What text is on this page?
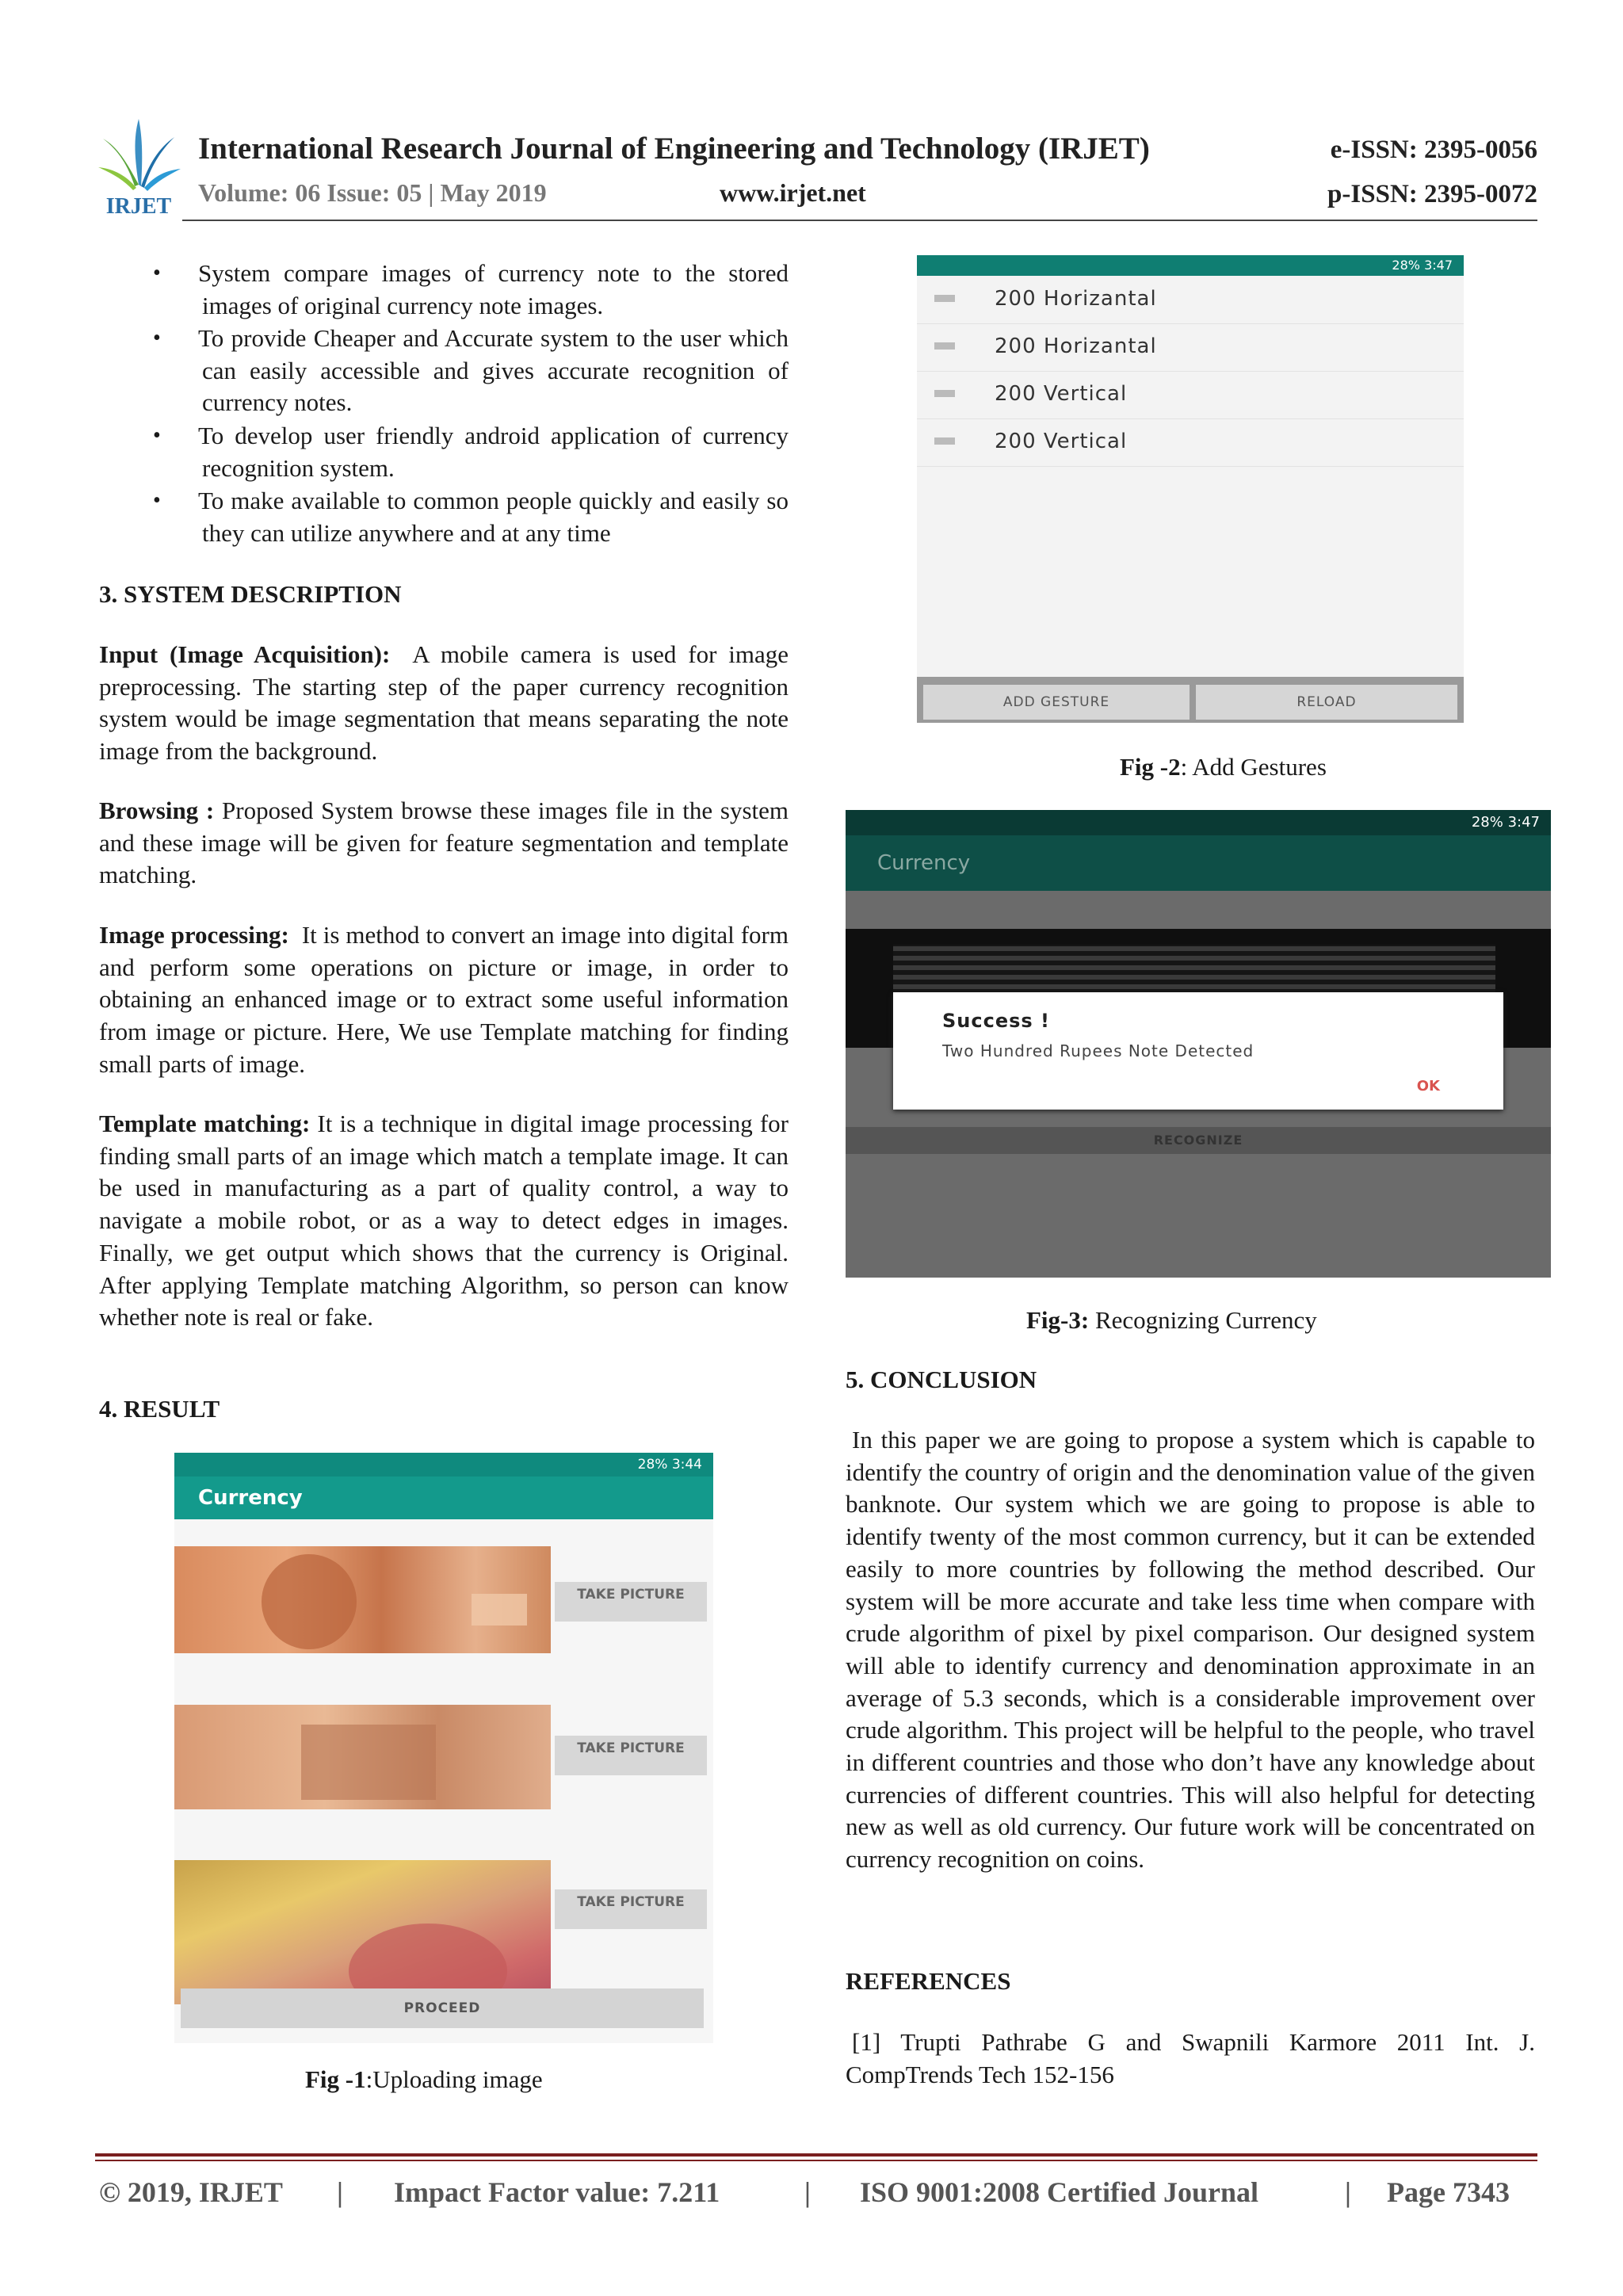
IRJET
International Research Journal of Engineering and Technology (IRJET)
Volume: 06 Issue: 05 | May 2019	www.irjet.net
e-ISSN: 2395-0056
p-ISSN: 2395-0072
• System compare images of currency note to the stored images of original currency note images.

• To provide Cheaper and Accurate system to the user which can easily accessible and gives accurate recognition of currency notes.

• To develop user friendly android application of currency recognition system.

• To make available to common people quickly and easily so they can utilize anywhere and at any time

3. SYSTEM DESCRIPTION

Input (Image Acquisition): A mobile camera is used for image preprocessing. The starting step of the paper currency recognition system would be image segmentation that means separating the note image from the background.

Browsing : Proposed System browse these images file in the system and these image will be given for feature segmentation and template matching.

Image processing: It is method to convert an image into digital form and perform some operations on picture or image, in order to obtaining an enhanced image or to extract some useful information from image or picture. Here, We use Template matching for finding small parts of image.

Template matching: It is a technique in digital image processing for finding small parts of an image which match a template image. It can be used in manufacturing as a part of quality control, a way to navigate a mobile robot, or as a way to detect edges in images. Finally, we get output which shows that the currency is Original. After applying Template matching Algorithm, so person can know whether note is real or fake.

4. RESULT
28% 3:44
Currency
TAKE PICTURE
TAKE PICTURE
TAKE PICTURE
PROCEED
Fig -1:Uploading image
28% 3:47
200 Horizantal
200 Horizantal
200 Vertical
200 Vertical
ADD GESTURE	RELOAD
Fig -2: Add Gestures
28% 3:47
Currency
RECOGNIZE
Success !
Two Hundred Rupees Note Detected
OK
Fig-3: Recognizing Currency
5. CONCLUSION

In this paper we are going to propose a system which is capable to identify the country of origin and the denomination value of the given banknote. Our system which we are going to propose is able to identify twenty of the most common currency, but it can be extended easily to more countries by following the method described. Our system will be more accurate and take less time when compare with crude algorithm of pixel by pixel comparison. Our designed system will able to identify currency and denomination approximate in an average of 5.3 seconds, which is a considerable improvement over crude algorithm. This project will be helpful to the people, who travel in different countries and those who don’t have any knowledge about currencies of different countries. This will also helpful for detecting new as well as old currency. Our future work will be concentrated on currency recognition on coins.

REFERENCES

[1] Trupti Pathrabe G and Swapnili Karmore 2011 Int. J. CompTrends Tech 152-156

© 2019, IRJET | Impact Factor value: 7.211	| ISO 9001:2008 Certified Journal	| Page 7343
